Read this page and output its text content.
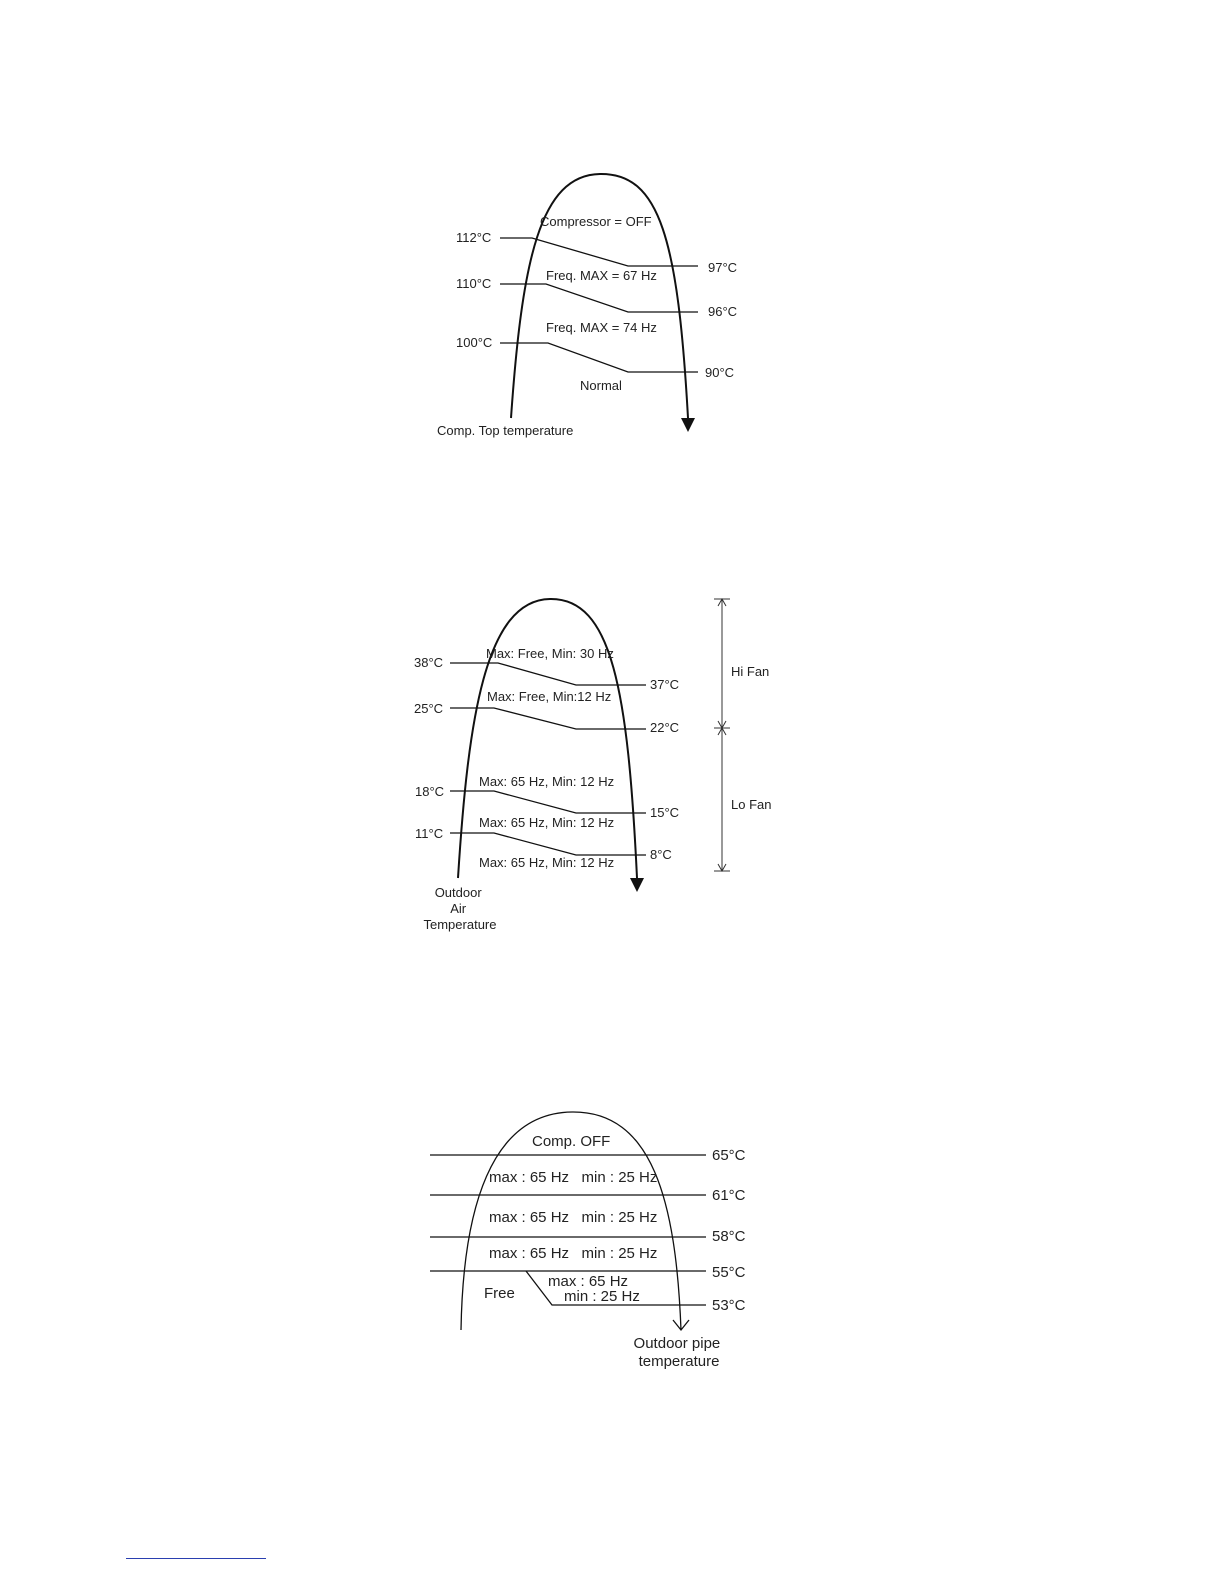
Compressor = OFF
Freq. MAX = 67 Hz
Freq. MAX = 74 Hz
Normal
112°C
110°C
100°C
97°C
96°C
90°C
Comp. Top temperature
Max: Free, Min: 30 Hz
Max: Free, Min:12 Hz
Max: 65 Hz, Min: 12 Hz
Max: 65 Hz, Min: 12 Hz
Max: 65 Hz, Min: 12 Hz
38°C
25°C
18°C
11°C
37°C
22°C
15°C
8°C
Outdoor Air Temperature
Hi Fan
Lo Fan
Comp. OFF
max : 65 Hz   min : 25 Hz
max : 65 Hz   min : 25 Hz
max : 65 Hz   min : 25 Hz
Free
max : 65 Hz
min : 25 Hz
65°C
61°C
58°C
55°C
53°C
Outdoor pipe temperature
